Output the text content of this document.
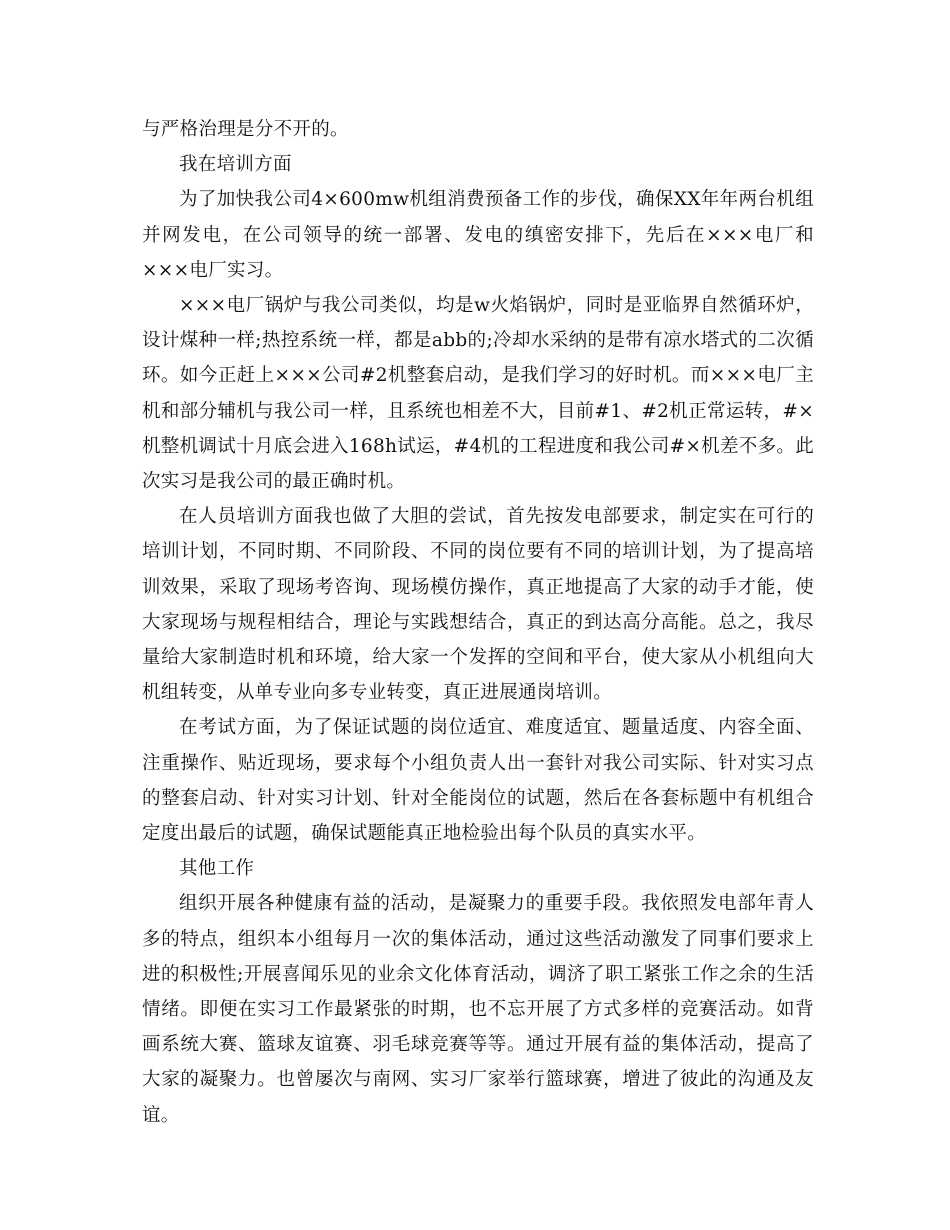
与严格治理是分不开的。

我在培训方面

为了加快我公司4×600mw机组消费预备工作的步伐，确保XX年年两台机组并网发电，在公司领导的统一部署、发电的缜密安排下，先后在×××电厂和×××电厂实习。

×××电厂锅炉与我公司类似，均是w火焰锅炉，同时是亚临界自然循环炉，设计煤种一样;热控系统一样，都是abb的;冷却水采纳的是带有凉水塔式的二次循环。如今正赶上×××公司#2机整套启动，是我们学习的好时机。而×××电厂主机和部分辅机与我公司一样，且系统也相差不大，目前#1、#2机正常运转，#×机整机调试十月底会进入168h试运，#4机的工程进度和我公司#×机差不多。此次实习是我公司的最正确时机。

在人员培训方面我也做了大胆的尝试，首先按发电部要求，制定实在可行的培训计划，不同时期、不同阶段、不同的岗位要有不同的培训计划，为了提高培训效果，采取了现场考咨询、现场模仿操作，真正地提高了大家的动手才能，使大家现场与规程相结合，理论与实践想结合，真正的到达高分高能。总之，我尽量给大家制造时机和环境，给大家一个发挥的空间和平台，使大家从小机组向大机组转变，从单专业向多专业转变，真正进展通岗培训。

在考试方面，为了保证试题的岗位适宜、难度适宜、题量适度、内容全面、注重操作、贴近现场，要求每个小组负责人出一套针对我公司实际、针对实习点的整套启动、针对实习计划、针对全能岗位的试题，然后在各套标题中有机组合定度出最后的试题，确保试题能真正地检验出每个队员的真实水平。

其他工作

组织开展各种健康有益的活动，是凝聚力的重要手段。我依照发电部年青人多的特点，组织本小组每月一次的集体活动，通过这些活动激发了同事们要求上进的积极性;开展喜闻乐见的业余文化体育活动，调济了职工紧张工作之余的生活情绪。即便在实习工作最紧张的时期，也不忘开展了方式多样的竞赛活动。如背画系统大赛、篮球友谊赛、羽毛球竞赛等等。通过开展有益的集体活动，提高了大家的凝聚力。也曾屡次与南网、实习厂家举行篮球赛，增进了彼此的沟通及友谊。
